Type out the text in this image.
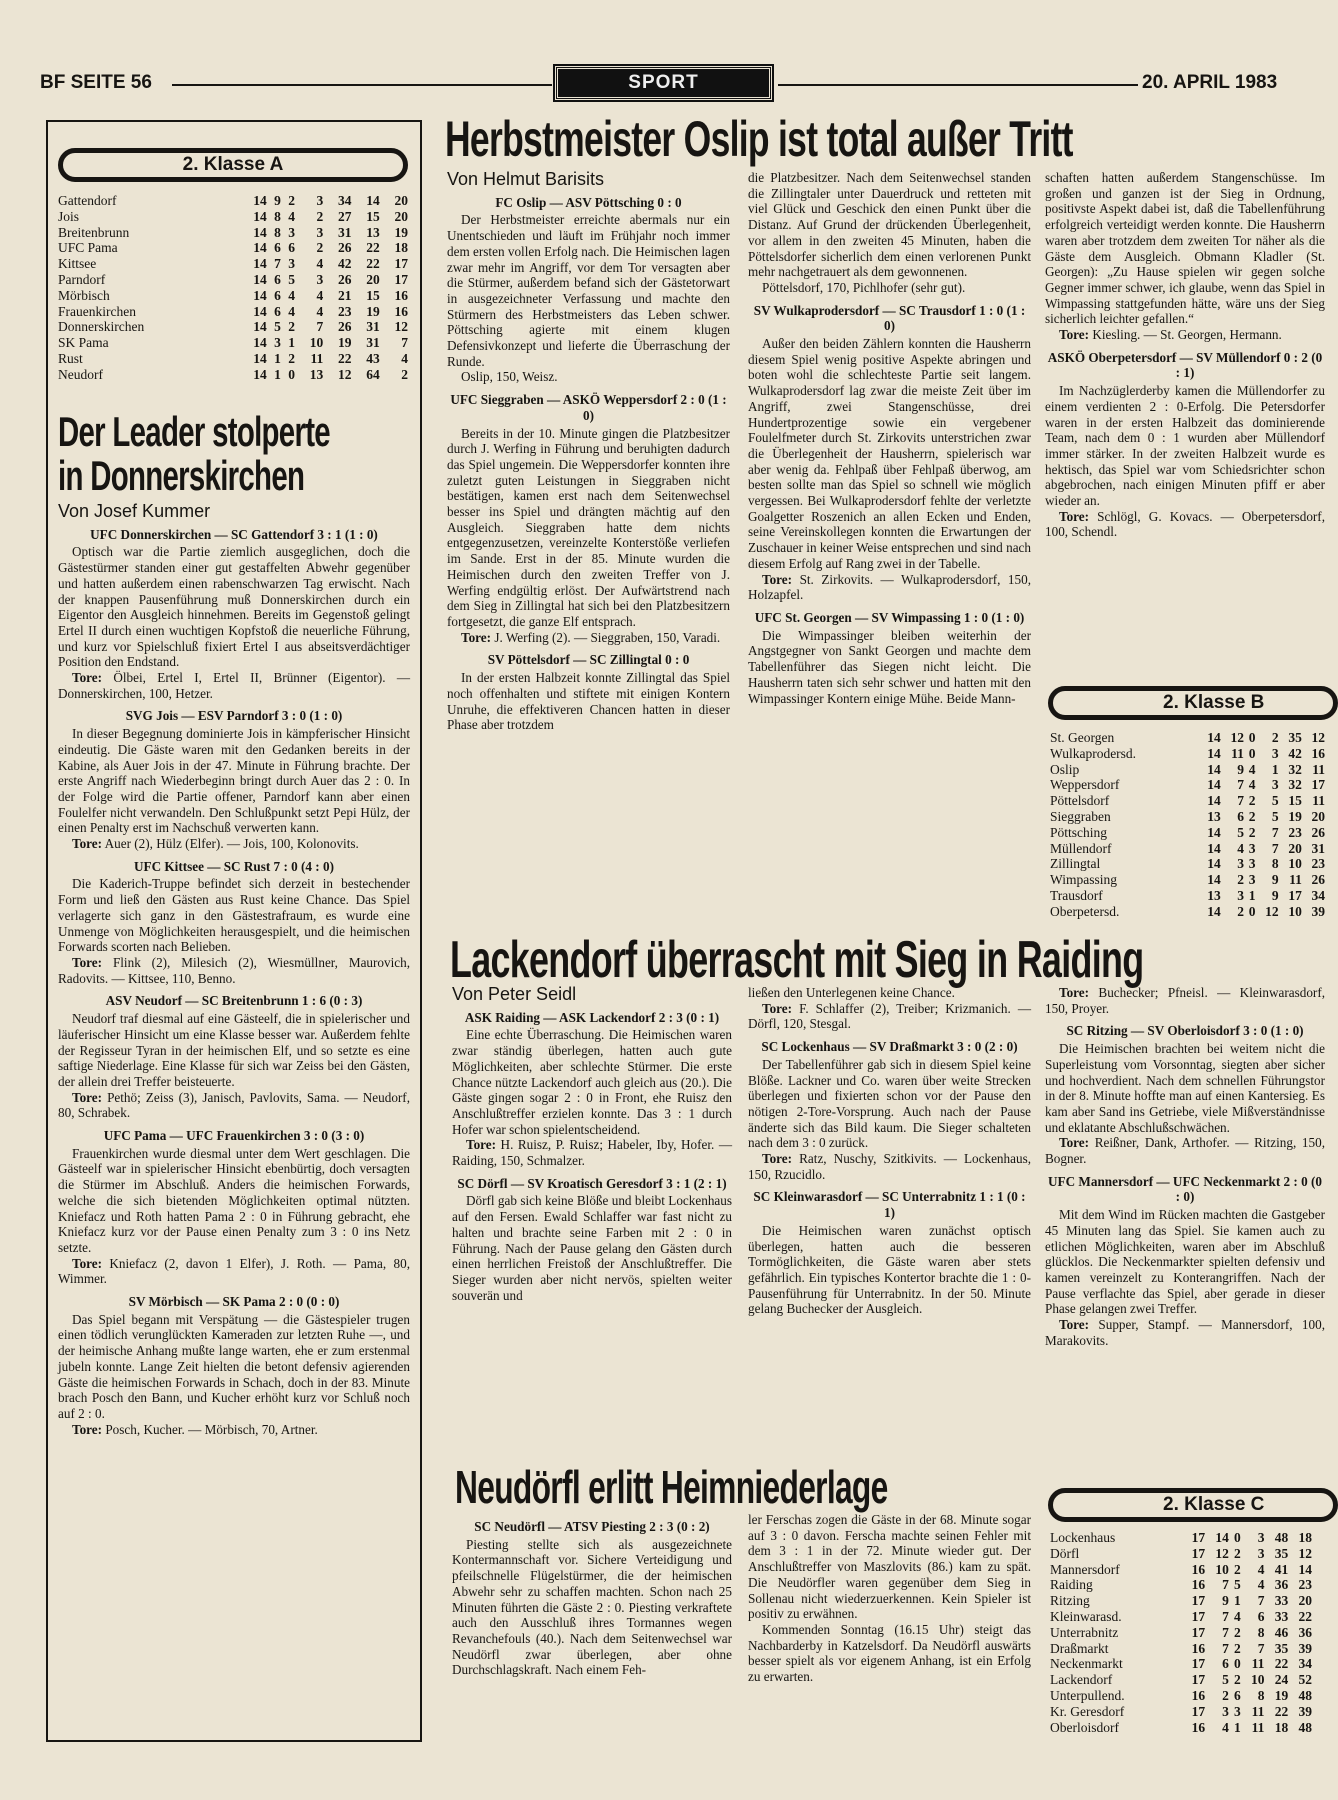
BF SEITE 56	SPORT	20. APRIL 1983
2. Klasse A
Gattendorf	14	9	2	3	34	14	20
Jois	14	8	4	2	27	15	20
Breitenbrunn	14	8	3	3	31	13	19
UFC Pama	14	6	6	2	26	22	18
Kittsee	14	7	3	4	42	22	17
Parndorf	14	6	5	3	26	20	17
Mörbisch	14	6	4	4	21	15	16
Frauenkirchen	14	6	4	4	23	19	16
Donnerskirchen	14	5	2	7	26	31	12
SK Pama	14	3	1	10	19	31	7
Rust	14	1	2	11	22	43	4
Neudorf	14	1	0	13	12	64	2
Der Leader stolperte
in Donnerskirchen

Von Josef Kummer

UFC Donnerskirchen — SC Gattendorf 3 : 1 (1 : 0)

Optisch war die Partie ziemlich ausgeglichen, doch die Gästestürmer standen einer gut gestaffelten Abwehr gegenüber und hatten außerdem einen rabenschwarzen Tag erwischt. Nach der knappen Pausenführung muß Donnerskirchen durch ein Eigentor den Ausgleich hinnehmen. Bereits im Gegenstoß gelingt Ertel II durch einen wuchtigen Kopfstoß die neuerliche Führung, und kurz vor Spielschluß fixiert Ertel I aus abseitsverdächtiger Position den Endstand.

Tore: Ölbei, Ertel I, Ertel II, Brünner (Eigentor). — Donnerskirchen, 100, Hetzer.

SVG Jois — ESV Parndorf 3 : 0 (1 : 0)

In dieser Begegnung dominierte Jois in kämpferischer Hinsicht eindeutig. Die Gäste waren mit den Gedanken bereits in der Kabine, als Auer Jois in der 47. Minute in Führung brachte. Der erste Angriff nach Wiederbeginn bringt durch Auer das 2 : 0. In der Folge wird die Partie offener, Parndorf kann aber einen Foulelfer nicht verwandeln. Den Schlußpunkt setzt Pepi Hülz, der einen Penalty erst im Nachschuß verwerten kann.

Tore: Auer (2), Hülz (Elfer). — Jois, 100, Kolonovits.

UFC Kittsee — SC Rust 7 : 0 (4 : 0)

Die Kaderich-Truppe befindet sich derzeit in bestechender Form und ließ den Gästen aus Rust keine Chance. Das Spiel verlagerte sich ganz in den Gästestrafraum, es wurde eine Unmenge von Möglichkeiten herausgespielt, und die heimischen Forwards scorten nach Belieben.

Tore: Flink (2), Milesich (2), Wiesmüllner, Maurovich, Radovits. — Kittsee, 110, Benno.

ASV Neudorf — SC Breitenbrunn 1 : 6 (0 : 3)

Neudorf traf diesmal auf eine Gästeelf, die in spielerischer und läuferischer Hinsicht um eine Klasse besser war. Außerdem fehlte der Regisseur Tyran in der heimischen Elf, und so setzte es eine saftige Niederlage. Eine Klasse für sich war Zeiss bei den Gästen, der allein drei Treffer beisteuerte.

Tore: Pethö; Zeiss (3), Janisch, Pavlovits, Sama. — Neudorf, 80, Schrabek.

UFC Pama — UFC Frauenkirchen 3 : 0 (3 : 0)

Frauenkirchen wurde diesmal unter dem Wert geschlagen. Die Gästeelf war in spielerischer Hinsicht ebenbürtig, doch versagten die Stürmer im Abschluß. Anders die heimischen Forwards, welche die sich bietenden Möglichkeiten optimal nützten. Kniefacz und Roth hatten Pama 2 : 0 in Führung gebracht, ehe Kniefacz kurz vor der Pause einen Penalty zum 3 : 0 ins Netz setzte.

Tore: Kniefacz (2, davon 1 Elfer), J. Roth. — Pama, 80, Wimmer.

SV Mörbisch — SK Pama 2 : 0 (0 : 0)

Das Spiel begann mit Verspätung — die Gästespieler trugen einen tödlich verunglückten Kameraden zur letzten Ruhe —, und der heimische Anhang mußte lange warten, ehe er zum erstenmal jubeln konnte. Lange Zeit hielten die betont defensiv agierenden Gäste die heimischen Forwards in Schach, doch in der 83. Minute brach Posch den Bann, und Kucher erhöht kurz vor Schluß noch auf 2 : 0.

Tore: Posch, Kucher. — Mörbisch, 70, Artner.

Herbstmeister Oslip ist total außer Tritt

Von Helmut Barisits

FC Oslip — ASV Pöttsching 0 : 0

Der Herbstmeister erreichte abermals nur ein Unentschieden und läuft im Frühjahr noch immer dem ersten vollen Erfolg nach. Die Heimischen lagen zwar mehr im Angriff, vor dem Tor versagten aber die Stürmer, außerdem befand sich der Gästetorwart in ausgezeichneter Verfassung und machte den Stürmern des Herbstmeisters das Leben schwer. Pöttsching agierte mit einem klugen Defensivkonzept und lieferte die Überraschung der Runde.

Oslip, 150, Weisz.

UFC Sieggraben — ASKÖ Weppersdorf 2 : 0 (1 : 0)

Bereits in der 10. Minute gingen die Platzbesitzer durch J. Werfing in Führung und beruhigten dadurch das Spiel ungemein. Die Weppersdorfer konnten ihre zuletzt guten Leistungen in Sieggraben nicht bestätigen, kamen erst nach dem Seitenwechsel besser ins Spiel und drängten mächtig auf den Ausgleich. Sieggraben hatte dem nichts entgegenzusetzen, vereinzelte Konterstöße verliefen im Sande. Erst in der 85. Minute wurden die Heimischen durch den zweiten Treffer von J. Werfing endgültig erlöst. Der Aufwärtstrend nach dem Sieg in Zillingtal hat sich bei den Platzbesitzern fortgesetzt, die ganze Elf entsprach.

Tore: J. Werfing (2). — Sieggraben, 150, Varadi.

SV Pöttelsdorf — SC Zillingtal 0 : 0

In der ersten Halbzeit konnte Zillingtal das Spiel noch offenhalten und stiftete mit einigen Kontern Unruhe, die effektiveren Chancen hatten in dieser Phase aber trotzdem

die Platzbesitzer. Nach dem Seitenwechsel standen die Zillingtaler unter Dauerdruck und retteten mit viel Glück und Geschick den einen Punkt über die Distanz. Auf Grund der drückenden Überlegenheit, vor allem in den zweiten 45 Minuten, haben die Pöttelsdorfer sicherlich dem einen verlorenen Punkt mehr nachgetrauert als dem gewonnenen.

Pöttelsdorf, 170, Pichlhofer (sehr gut).

SV Wulkaprodersdorf — SC Trausdorf 1 : 0 (1 : 0)

Außer den beiden Zählern konnten die Hausherrn diesem Spiel wenig positive Aspekte abringen und boten wohl die schlechteste Partie seit langem. Wulkaprodersdorf lag zwar die meiste Zeit über im Angriff, zwei Stangenschüsse, drei Hundertprozentige sowie ein vergebener Foulelfmeter durch St. Zirkovits unterstrichen zwar die Überlegenheit der Hausherrn, spielerisch war aber wenig da. Fehlpaß über Fehlpaß überwog, am besten sollte man das Spiel so schnell wie möglich vergessen. Bei Wulkaprodersdorf fehlte der verletzte Goalgetter Roszenich an allen Ecken und Enden, seine Vereinskollegen konnten die Erwartungen der Zuschauer in keiner Weise entsprechen und sind nach diesem Erfolg auf Rang zwei in der Tabelle.

Tore: St. Zirkovits. — Wulkaprodersdorf, 150, Holzapfel.

UFC St. Georgen — SV Wimpassing 1 : 0 (1 : 0)

Die Wimpassinger bleiben weiterhin der Angstgegner von Sankt Georgen und machte dem Tabellenführer das Siegen nicht leicht. Die Hausherrn taten sich sehr schwer und hatten mit den Wimpassinger Kontern einige Mühe. Beide Mann-

schaften hatten außerdem Stangenschüsse. Im großen und ganzen ist der Sieg in Ordnung, positivste Aspekt dabei ist, daß die Tabellenführung erfolgreich verteidigt werden konnte. Die Hausherrn waren aber trotzdem dem zweiten Tor näher als die Gäste dem Ausgleich. Obmann Kladler (St. Georgen): „Zu Hause spielen wir gegen solche Gegner immer schwer, ich glaube, wenn das Spiel in Wimpassing stattgefunden hätte, wäre uns der Sieg sicherlich leichter gefallen.“

Tore: Kiesling. — St. Georgen, Hermann.

ASKÖ Oberpetersdorf — SV Müllendorf 0 : 2 (0 : 1)

Im Nachzüglerderby kamen die Müllendorfer zu einem verdienten 2 : 0-Erfolg. Die Petersdorfer waren in der ersten Halbzeit das dominierende Team, nach dem 0 : 1 wurden aber Müllendorf immer stärker. In der zweiten Halbzeit wurde es hektisch, das Spiel war vom Schiedsrichter schon abgebrochen, nach einigen Minuten pfiff er aber wieder an.

Tore: Schlögl, G. Kovacs. — Oberpetersdorf, 100, Schendl.

2. Klasse B
St. Georgen	14	12	0	2	35	12
Wulkaprodersd.	14	11	0	3	42	16
Oslip	14	9	4	1	32	11
Weppersdorf	14	7	4	3	32	17
Pöttelsdorf	14	7	2	5	15	11
Sieggraben	13	6	2	5	19	20
Pöttsching	14	5	2	7	23	26
Müllendorf	14	4	3	7	20	31
Zillingtal	14	3	3	8	10	23
Wimpassing	14	2	3	9	11	26
Trausdorf	13	3	1	9	17	34
Oberpetersd.	14	2	0	12	10	39
Lackendorf überrascht mit Sieg in Raiding

Von Peter Seidl

ASK Raiding — ASK Lackendorf 2 : 3 (0 : 1)

Eine echte Überraschung. Die Heimischen waren zwar ständig überlegen, hatten auch gute Möglichkeiten, aber schlechte Stürmer. Die erste Chance nützte Lackendorf auch gleich aus (20.). Die Gäste gingen sogar 2 : 0 in Front, ehe Ruisz den Anschlußtreffer erzielen konnte. Das 3 : 1 durch Hofer war schon spielentscheidend.

Tore: H. Ruisz, P. Ruisz; Habeler, Iby, Hofer. — Raiding, 150, Schmalzer.

SC Dörfl — SV Kroatisch Geresdorf 3 : 1 (2 : 1)

Dörfl gab sich keine Blöße und bleibt Lockenhaus auf den Fersen. Ewald Schlaffer war fast nicht zu halten und brachte seine Farben mit 2 : 0 in Führung. Nach der Pause gelang den Gästen durch einen herrlichen Freistoß der Anschlußtreffer. Die Sieger wurden aber nicht nervös, spielten weiter souverän und

ließen den Unterlegenen keine Chance.

Tore: F. Schlaffer (2), Treiber; Krizmanich. — Dörfl, 120, Stesgal.

SC Lockenhaus — SV Draßmarkt 3 : 0 (2 : 0)

Der Tabellenführer gab sich in diesem Spiel keine Blöße. Lackner und Co. waren über weite Strecken überlegen und fixierten schon vor der Pause den nötigen 2-Tore-Vorsprung. Auch nach der Pause änderte sich das Bild kaum. Die Sieger schalteten nach dem 3 : 0 zurück.

Tore: Ratz, Nuschy, Szitkivits. — Lockenhaus, 150, Rzucidlo.

SC Kleinwarasdorf — SC Unterrabnitz 1 : 1 (0 : 1)

Die Heimischen waren zunächst optisch überlegen, hatten auch die besseren Tormöglichkeiten, die Gäste waren aber stets gefährlich. Ein typisches Kontertor brachte die 1 : 0-Pausenführung für Unterrabnitz. In der 50. Minute gelang Buchecker der Ausgleich.

Tore: Buchecker; Pfneisl. — Kleinwarasdorf, 150, Proyer.

SC Ritzing — SV Oberloisdorf 3 : 0 (1 : 0)

Die Heimischen brachten bei weitem nicht die Superleistung vom Vorsonntag, siegten aber sicher und hochverdient. Nach dem schnellen Führungstor in der 8. Minute hoffte man auf einen Kantersieg. Es kam aber Sand ins Getriebe, viele Mißverständnisse und eklatante Abschlußschwächen.

Tore: Reißner, Dank, Arthofer. — Ritzing, 150, Bogner.

UFC Mannersdorf — UFC Neckenmarkt 2 : 0 (0 : 0)

Mit dem Wind im Rücken machten die Gastgeber 45 Minuten lang das Spiel. Sie kamen auch zu etlichen Möglichkeiten, waren aber im Abschluß glücklos. Die Neckenmarkter spielten defensiv und kamen vereinzelt zu Konterangriffen. Nach der Pause verflachte das Spiel, aber gerade in dieser Phase gelangen zwei Treffer.

Tore: Supper, Stampf. — Mannersdorf, 100, Marakovits.

2. Klasse C
Lockenhaus	17	14	0	3	48	18
Dörfl	17	12	2	3	35	12
Mannersdorf	16	10	2	4	41	14
Raiding	16	7	5	4	36	23
Ritzing	17	9	1	7	33	20
Kleinwarasd.	17	7	4	6	33	22
Unterrabnitz	17	7	2	8	46	36
Draßmarkt	16	7	2	7	35	39
Neckenmarkt	17	6	0	11	22	34
Lackendorf	17	5	2	10	24	52
Unterpullend.	16	2	6	8	19	48
Kr. Geresdorf	17	3	3	11	22	39
Oberloisdorf	16	4	1	11	18	48
Neudörfl erlitt Heimniederlage

SC Neudörfl — ATSV Piesting 2 : 3 (0 : 2)

Piesting stellte sich als ausgezeichnete Kontermannschaft vor. Sichere Verteidigung und pfeilschnelle Flügelstürmer, die der heimischen Abwehr sehr zu schaffen machten. Schon nach 25 Minuten führten die Gäste 2 : 0. Piesting verkraftete auch den Ausschluß ihres Tormannes wegen Revanchefouls (40.). Nach dem Seitenwechsel war Neudörfl zwar überlegen, aber ohne Durchschlagskraft. Nach einem Feh-

ler Ferschas zogen die Gäste in der 68. Minute sogar auf 3 : 0 davon. Ferscha machte seinen Fehler mit dem 3 : 1 in der 72. Minute wieder gut. Der Anschlußtreffer von Maszlovits (86.) kam zu spät. Die Neudörfler waren gegenüber dem Sieg in Sollenau nicht wiederzuerkennen. Kein Spieler ist positiv zu erwähnen.

Kommenden Sonntag (16.15 Uhr) steigt das Nachbarderby in Katzelsdorf. Da Neudörfl auswärts besser spielt als vor eigenem Anhang, ist ein Erfolg zu erwarten.
